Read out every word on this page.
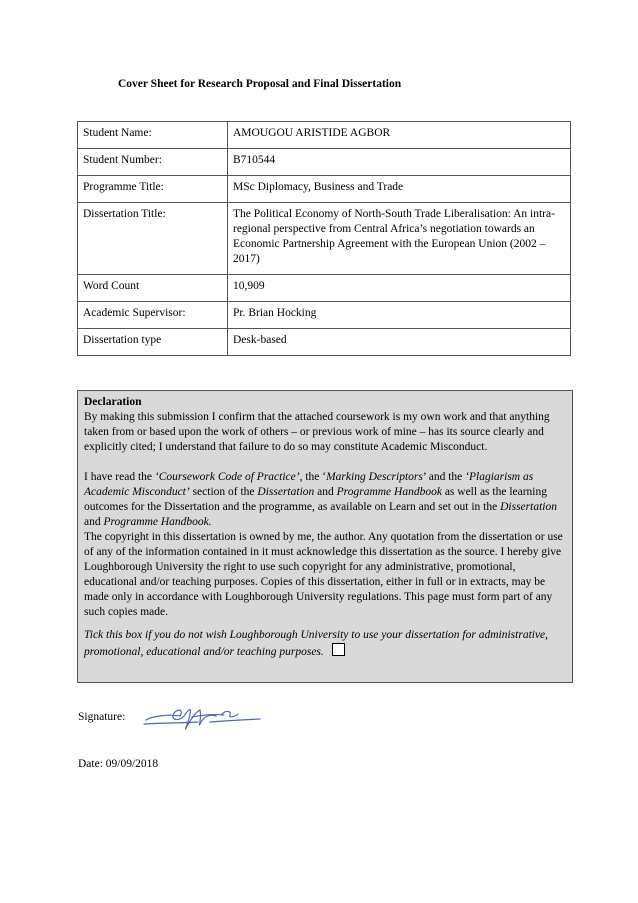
Cover Sheet for Research Proposal and Final Dissertation
Student Name:	AMOUGOU ARISTIDE AGBOR
Student Number:	B710544
Programme Title:	MSc Diplomacy, Business and Trade
Dissertation Title:	The Political Economy of North-South Trade Liberalisation: An intra-regional perspective from Central Africa’s negotiation towards an Economic Partnership Agreement with the European Union (2002 – 2017)
Word Count	10,909
Academic Supervisor:	Pr. Brian Hocking
Dissertation type	Desk-based

Declaration

By making this submission I confirm that the attached coursework is my own work and that anything taken from or based upon the work of others – or previous work of mine – has its source clearly and explicitly cited; I understand that failure to do so may constitute Academic Misconduct.

I have read the ‘Coursework Code of Practice’, the ‘Marking Descriptors’ and the ‘Plagiarism as Academic Misconduct’ section of the Dissertation and Programme Handbook as well as the learning outcomes for the Dissertation and the programme, as available on Learn and set out in the Dissertation and Programme Handbook.

The copyright in this dissertation is owned by me, the author. Any quotation from the dissertation or use of any of the information contained in it must acknowledge this dissertation as the source. I hereby give Loughborough University the right to use such copyright for any administrative, promotional, educational and/or teaching purposes. Copies of this dissertation, either in full or in extracts, may be made only in accordance with Loughborough University regulations. This page must form part of any such copies made.

Tick this box if you do not wish Loughborough University to use your dissertation for administrative, promotional, educational and/or teaching purposes.

Signature:
Date: 09/09/2018
